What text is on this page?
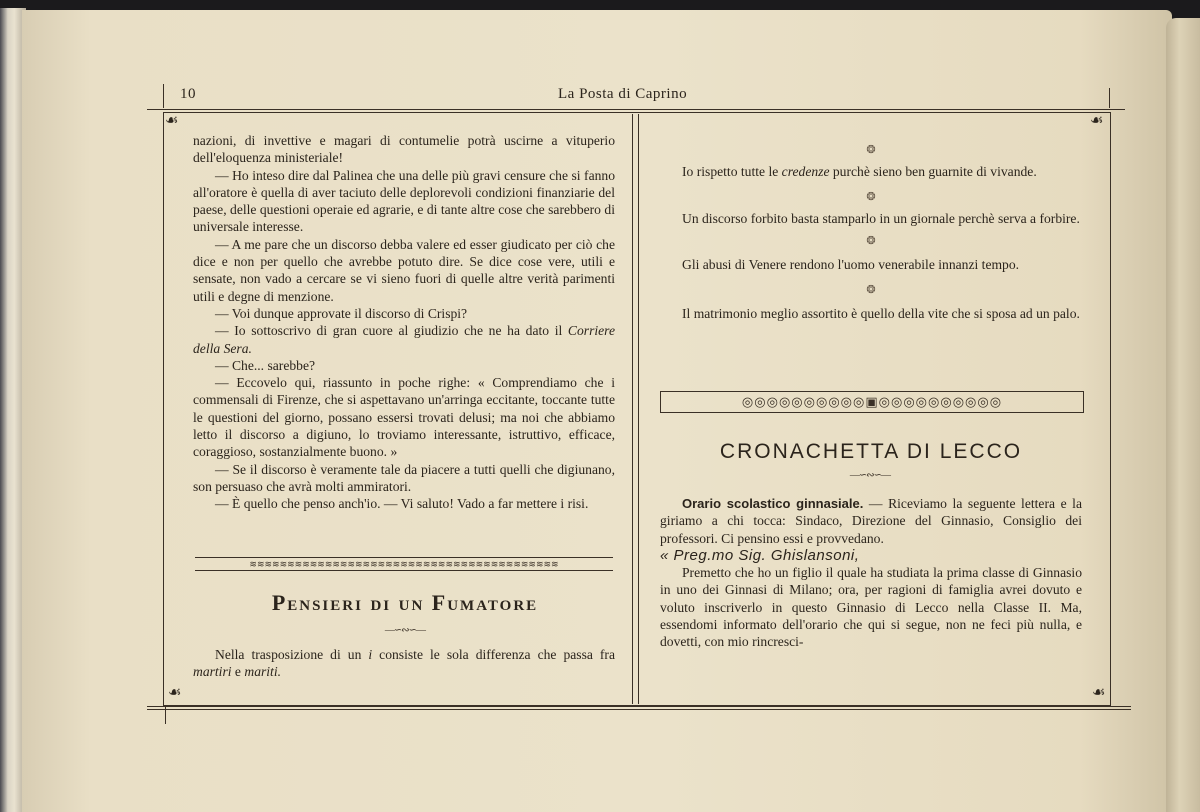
10	La Posta di Caprino
☙	☙
☙	☙

nazioni, di invettive e magari di contumelie potrà uscirne a vituperio dell'eloquenza ministeriale!

— Ho inteso dire dal Palinea che una delle più gravi censure che si fanno all'oratore è quella di aver taciuto delle deplorevoli condizioni finanziarie del paese, delle questioni operaie ed agrarie, e di tante altre cose che sarebbero di universale interesse.

— A me pare che un discorso debba valere ed esser giudicato per ciò che dice e non per quello che avrebbe potuto dire. Se dice cose vere, utili e sensate, non vado a cercare se vi sieno fuori di quelle altre verità parimenti utili e degne di menzione.

— Voi dunque approvate il discorso di Crispi?

— Io sottoscrivo di gran cuore al giudizio che ne ha dato il Corriere della Sera.

— Che... sarebbe?

— Eccovelo qui, riassunto in poche righe: « Comprendiamo che i commensali di Firenze, che si aspettavano un'arringa eccitante, toccante tutte le questioni del giorno, possano essersi trovati delusi; ma noi che abbiamo letto il discorso a digiuno, lo troviamo interessante, istruttivo, efficace, coraggioso, sostanzialmente buono. »

— Se il discorso è veramente tale da piacere a tutti quelli che digiunano, son persuaso che avrà molti ammiratori.

— È quello che penso anch'io. — Vi saluto! Vado a far mettere i risi.

≋≋≋≋≋≋≋≋≋≋≋≋≋≋≋≋≋≋≋≋≋≋≋≋≋≋≋≋≋≋≋≋≋≋≋≋≋≋≋≋≋
Pensieri di un Fumatore
—∽∾∽—

Nella trasposizione di un i consiste le sola differenza che passa fra martiri e mariti.

❂

Io rispetto tutte le credenze purchè sieno ben guarnite di vivande.

❂

Un discorso forbito basta stamparlo in un giornale perchè serva a forbire.

❂

Gli abusi di Venere rendono l'uomo venerabile innanzi tempo.

❂

Il matrimonio meglio assortito è quello della vite che si sposa ad un palo.

◎◎◎◎◎◎◎◎◎◎▣◎◎◎◎◎◎◎◎◎◎
CRONACHETTA DI LECCO
—∽∾∽—

Orario scolastico ginnasiale. — Riceviamo la seguente lettera e la giriamo a chi tocca: Sindaco, Direzione del Ginnasio, Consiglio dei professori. Ci pensino essi e provvedano.

« Preg.mo Sig. Ghislansoni,

Premetto che ho un figlio il quale ha studiata la prima classe di Ginnasio in uno dei Ginnasi di Milano; ora, per ragioni di famiglia avrei dovuto e voluto inscriverlo in questo Ginnasio di Lecco nella Classe II. Ma, essendomi informato dell'orario che qui si segue, non ne feci più nulla, e dovetti, con mio rincresci-
